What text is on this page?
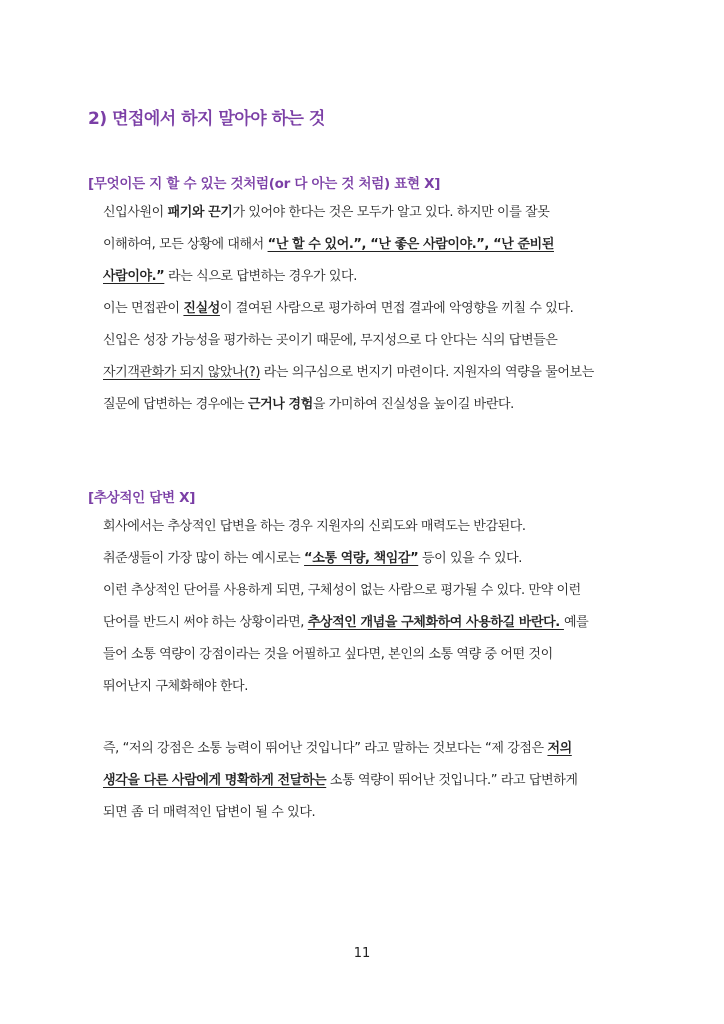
2) 면접에서 하지 말아야 하는 것
[무엇이든 지 할 수 있는 것처럼(or 다 아는 것 처럼) 표현 X]

신입사원이 패기와 끈기가 있어야 한다는 것은 모두가 알고 있다. 하지만 이를 잘못

이해하여, 모든 상황에 대해서 “난 할 수 있어.”, “난 좋은 사람이야.”, “난 준비된

사람이야.” 라는 식으로 답변하는 경우가 있다.

이는 면접관이 진실성이 결여된 사람으로 평가하여 면접 결과에 악영향을 끼칠 수 있다.

신입은 성장 가능성을 평가하는 곳이기 때문에, 무지성으로 다 안다는 식의 답변들은

자기객관화가 되지 않았나(?) 라는 의구심으로 번지기 마련이다. 지원자의 역량을 물어보는

질문에 답변하는 경우에는 근거나 경험을 가미하여 진실성을 높이길 바란다.

[추상적인 답변 X]

회사에서는 추상적인 답변을 하는 경우 지원자의 신뢰도와 매력도는 반감된다.

취준생들이 가장 많이 하는 예시로는 “소통 역량, 책임감” 등이 있을 수 있다.

이런 추상적인 단어를 사용하게 되면, 구체성이 없는 사람으로 평가될 수 있다. 만약 이런

단어를 반드시 써야 하는 상황이라면, 추상적인 개념을 구체화하여 사용하길 바란다. 예를

들어 소통 역량이 강점이라는 것을 어필하고 싶다면, 본인의 소통 역량 중 어떤 것이

뛰어난지 구체화해야 한다.

즉, “저의 강점은 소통 능력이 뛰어난 것입니다” 라고 말하는 것보다는 “제 강점은 저의

생각을 다른 사람에게 명확하게 전달하는 소통 역량이 뛰어난 것입니다.” 라고 답변하게

되면 좀 더 매력적인 답변이 될 수 있다.

11
